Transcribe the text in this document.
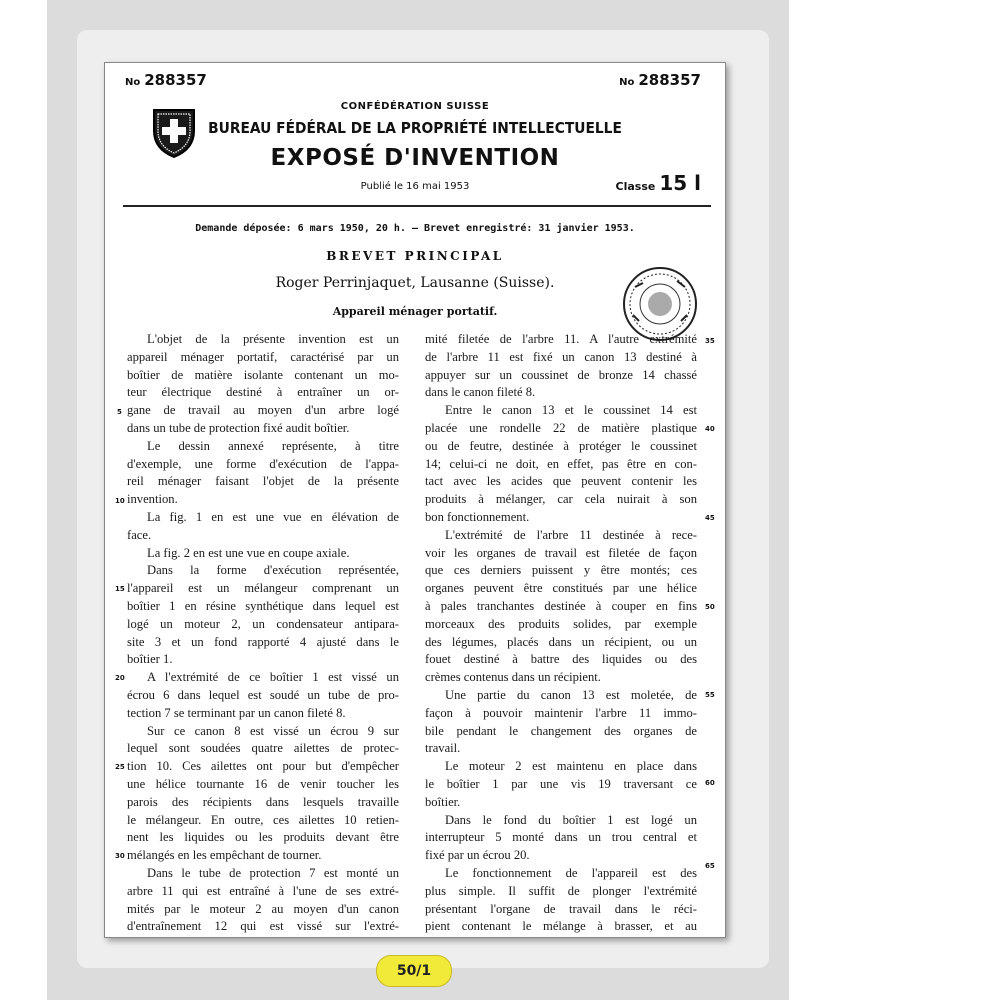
No 288357	No 288357
CONFÉDÉRATION SUISSE
BUREAU FÉDÉRAL DE LA PROPRIÉTÉ INTELLECTUELLE
EXPOSÉ D'INVENTION
Publié le 16 mai 1953	Classe 15 l
Demande déposée: 6 mars 1950, 20 h. — Brevet enregistré: 31 janvier 1953.
BREVET PRINCIPAL
Roger Perrinjaquet, Lausanne (Suisse).
Appareil ménager portatif.
L'objet de la présente invention est un
appareil ménager portatif, caractérisé par un
boîtier de matière isolante contenant un mo-
teur électrique destiné à entraîner un or-
gane de travail au moyen d'un arbre logé
dans un tube de protection fixé audit boîtier.
Le dessin annexé représente, à titre
d'exemple, une forme d'exécution de l'appa-
reil ménager faisant l'objet de la présente
invention.
La fig. 1 en est une vue en élévation de
face.
La fig. 2 en est une vue en coupe axiale.
Dans la forme d'exécution représentée,
l'appareil est un mélangeur comprenant un
boîtier 1 en résine synthétique dans lequel est
logé un moteur 2, un condensateur antipara-
site 3 et un fond rapporté 4 ajusté dans le
boîtier 1.
A l'extrémité de ce boîtier 1 est vissé un
écrou 6 dans lequel est soudé un tube de pro-
tection 7 se terminant par un canon fileté 8.
Sur ce canon 8 est vissé un écrou 9 sur
lequel sont soudées quatre ailettes de protec-
tion 10. Ces ailettes ont pour but d'empêcher
une hélice tournante 16 de venir toucher les
parois des récipients dans lesquels travaille
le mélangeur. En outre, ces ailettes 10 retien-
nent les liquides ou les produits devant être
mélangés en les empêchant de tourner.
Dans le tube de protection 7 est monté un
arbre 11 qui est entraîné à l'une de ses extré-
mités par le moteur 2 au moyen d'un canon
d'entraînement 12 qui est vissé sur l'extré-
mité filetée de l'arbre 11. A l'autre extrémité
de l'arbre 11 est fixé un canon 13 destiné à
appuyer sur un coussinet de bronze 14 chassé
dans le canon fileté 8.
Entre le canon 13 et le coussinet 14 est
placée une rondelle 22 de matière plastique
ou de feutre, destinée à protéger le coussinet
14; celui-ci ne doit, en effet, pas être en con-
tact avec les acides que peuvent contenir les
produits à mélanger, car cela nuirait à son
bon fonctionnement.
L'extrémité de l'arbre 11 destinée à rece-
voir les organes de travail est filetée de façon
que ces derniers puissent y être montés; ces
organes peuvent être constitués par une hélice
à pales tranchantes destinée à couper en fins
morceaux des produits solides, par exemple
des légumes, placés dans un récipient, ou un
fouet destiné à battre des liquides ou des
crèmes contenus dans un récipient.
Une partie du canon 13 est moletée, de
façon à pouvoir maintenir l'arbre 11 immo-
bile pendant le changement des organes de
travail.
Le moteur 2 est maintenu en place dans
le boîtier 1 par une vis 19 traversant ce
boîtier.
Dans le fond du boîtier 1 est logé un
interrupteur 5 monté dans un trou central et
fixé par un écrou 20.
Le fonctionnement de l'appareil est des
plus simple. Il suffit de plonger l'extrémité
présentant l'organe de travail dans le réci-
pient contenant le mélange à brasser, et au
5
10
15
20
25
30
35
40
45
50
55
60
65
50/1
